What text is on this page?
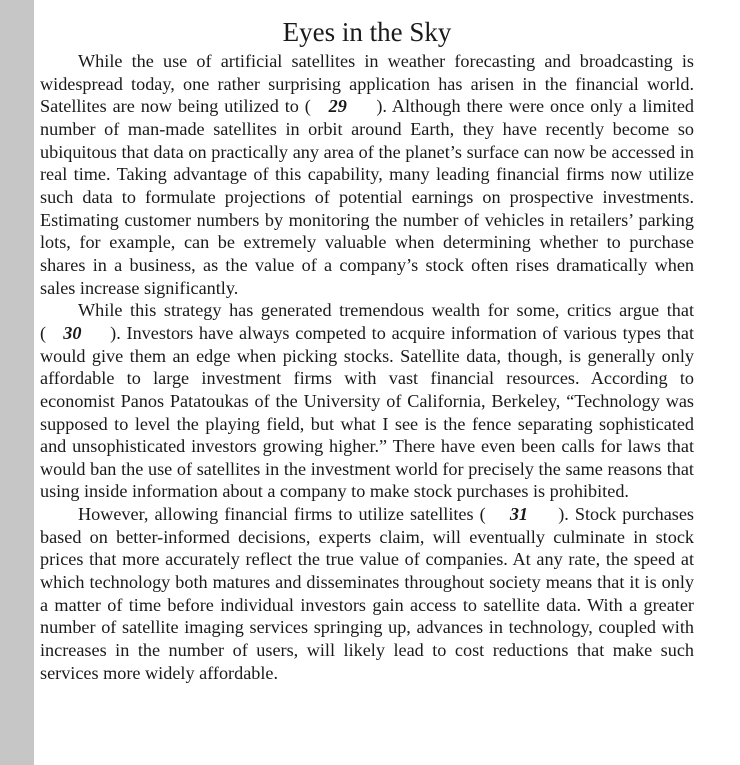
Eyes in the Sky

While the use of artificial satellites in weather forecasting and broadcasting is widespread today, one rather surprising application has arisen in the financial world. Satellites are now being utilized to ( 29 ). Although there were once only a limited number of man-made satellites in orbit around Earth, they have recently become so ubiquitous that data on practically any area of the planet’s surface can now be accessed in real time. Taking advantage of this capability, many leading financial firms now utilize such data to formulate projections of potential earnings on prospective investments. Estimating customer numbers by monitoring the number of vehicles in retailers’ parking lots, for example, can be extremely valuable when determining whether to purchase shares in a business, as the value of a company’s stock often rises dramatically when sales increase significantly.

While this strategy has generated tremendous wealth for some, critics argue that ( 30 ). Investors have always competed to acquire information of various types that would give them an edge when picking stocks. Satellite data, though, is generally only affordable to large investment firms with vast financial resources. According to economist Panos Patatoukas of the University of California, Berkeley, “Technology was supposed to level the playing field, but what I see is the fence separating sophisticated and unsophisticated investors growing higher.” There have even been calls for laws that would ban the use of satellites in the investment world for precisely the same reasons that using inside information about a company to make stock purchases is prohibited.

However, allowing financial firms to utilize satellites ( 31 ). Stock purchases based on better-informed decisions, experts claim, will eventually culminate in stock prices that more accurately reflect the true value of companies. At any rate, the speed at which technology both matures and disseminates throughout society means that it is only a matter of time before individual investors gain access to satellite data. With a greater number of satellite imaging services springing up, advances in technology, coupled with increases in the number of users, will likely lead to cost reductions that make such services more widely affordable.
